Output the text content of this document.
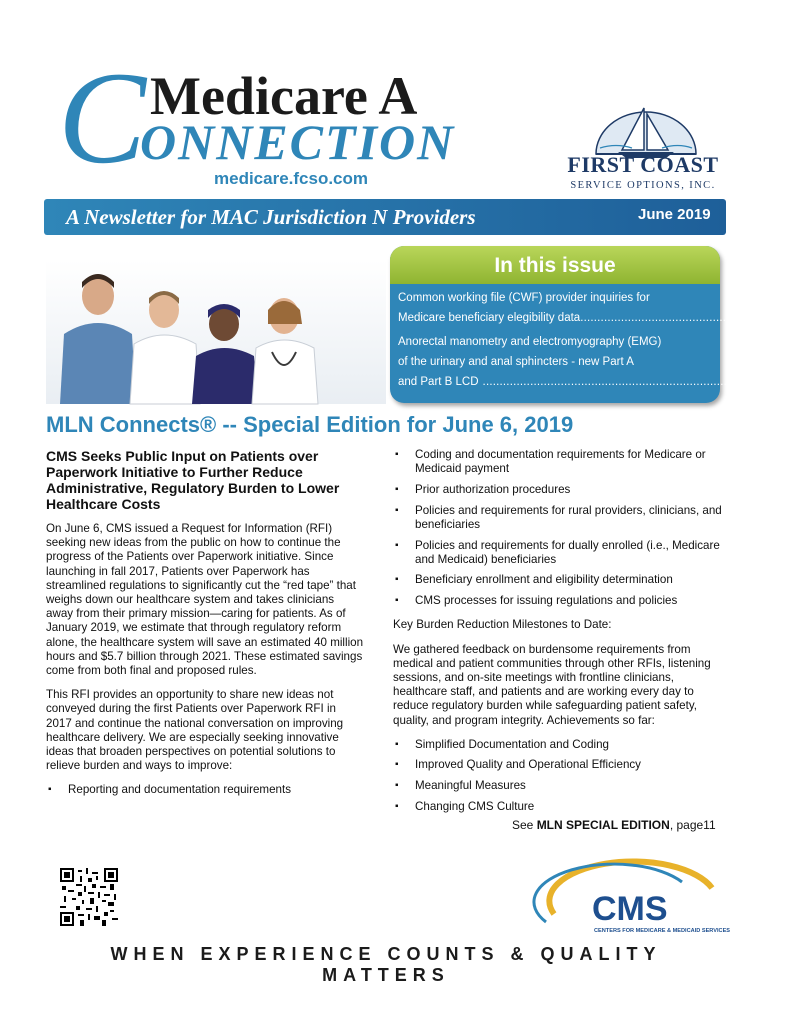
C Medicare A
ONNECTION
medicare.fcso.com
FIRST COAST
SERVICE OPTIONS, INC.
A Newsletter for MAC Jurisdiction N Providers	June 2019
In this issue
Common working file (CWF) provider inquiries for
Medicare beneficiary elegibility data ............................................................ 3
Anorectal manometry and electromyography (EMG)
of the urinary and anal sphincters - new Part A
and Part B LCD ..................................................................................... 5
MLN Connects® -- Special Edition for June 6, 2019

CMS Seeks Public Input on Patients over Paperwork Initiative to Further Reduce Administrative, Regulatory Burden to Lower Healthcare Costs

On June 6, CMS issued a Request for Information (RFI) seeking new ideas from the public on how to continue the progress of the Patients over Paperwork initiative. Since launching in fall 2017, Patients over Paperwork has streamlined regulations to significantly cut the “red tape” that weighs down our healthcare system and takes clinicians away from their primary mission—caring for patients. As of January 2019, we estimate that through regulatory reform alone, the healthcare system will save an estimated 40 million hours and $5.7 billion through 2021. These estimated savings come from both final and proposed rules.

This RFI provides an opportunity to share new ideas not conveyed during the first Patients over Paperwork RFI in 2017 and continue the national conversation on improving healthcare delivery. We are especially seeking innovative ideas that broaden perspectives on potential solutions to relieve burden and ways to improve:

▪ Reporting and documentation requirements
▪ Coding and documentation requirements for Medicare or Medicaid payment
▪ Prior authorization procedures
▪ Policies and requirements for rural providers, clinicians, and beneficiaries
▪ Policies and requirements for dually enrolled (i.e., Medicare and Medicaid) beneficiaries
▪ Beneficiary enrollment and eligibility determination
▪ CMS processes for issuing regulations and policies

Key Burden Reduction Milestones to Date:

We gathered feedback on burdensome requirements from medical and patient communities through other RFIs, listening sessions, and on-site meetings with frontline clinicians, healthcare staff, and patients and are working every day to reduce regulatory burden while safeguarding patient safety, quality, and program integrity. Achievements so far:

▪ Simplified Documentation and Coding
▪ Improved Quality and Operational Efficiency
▪ Meaningful Measures
▪ Changing CMS Culture
See MLN SPECIAL EDITION, page11
CMS
CENTERS FOR MEDICARE & MEDICAID SERVICES
WHEN EXPERIENCE COUNTS & QUALITY MATTERS
